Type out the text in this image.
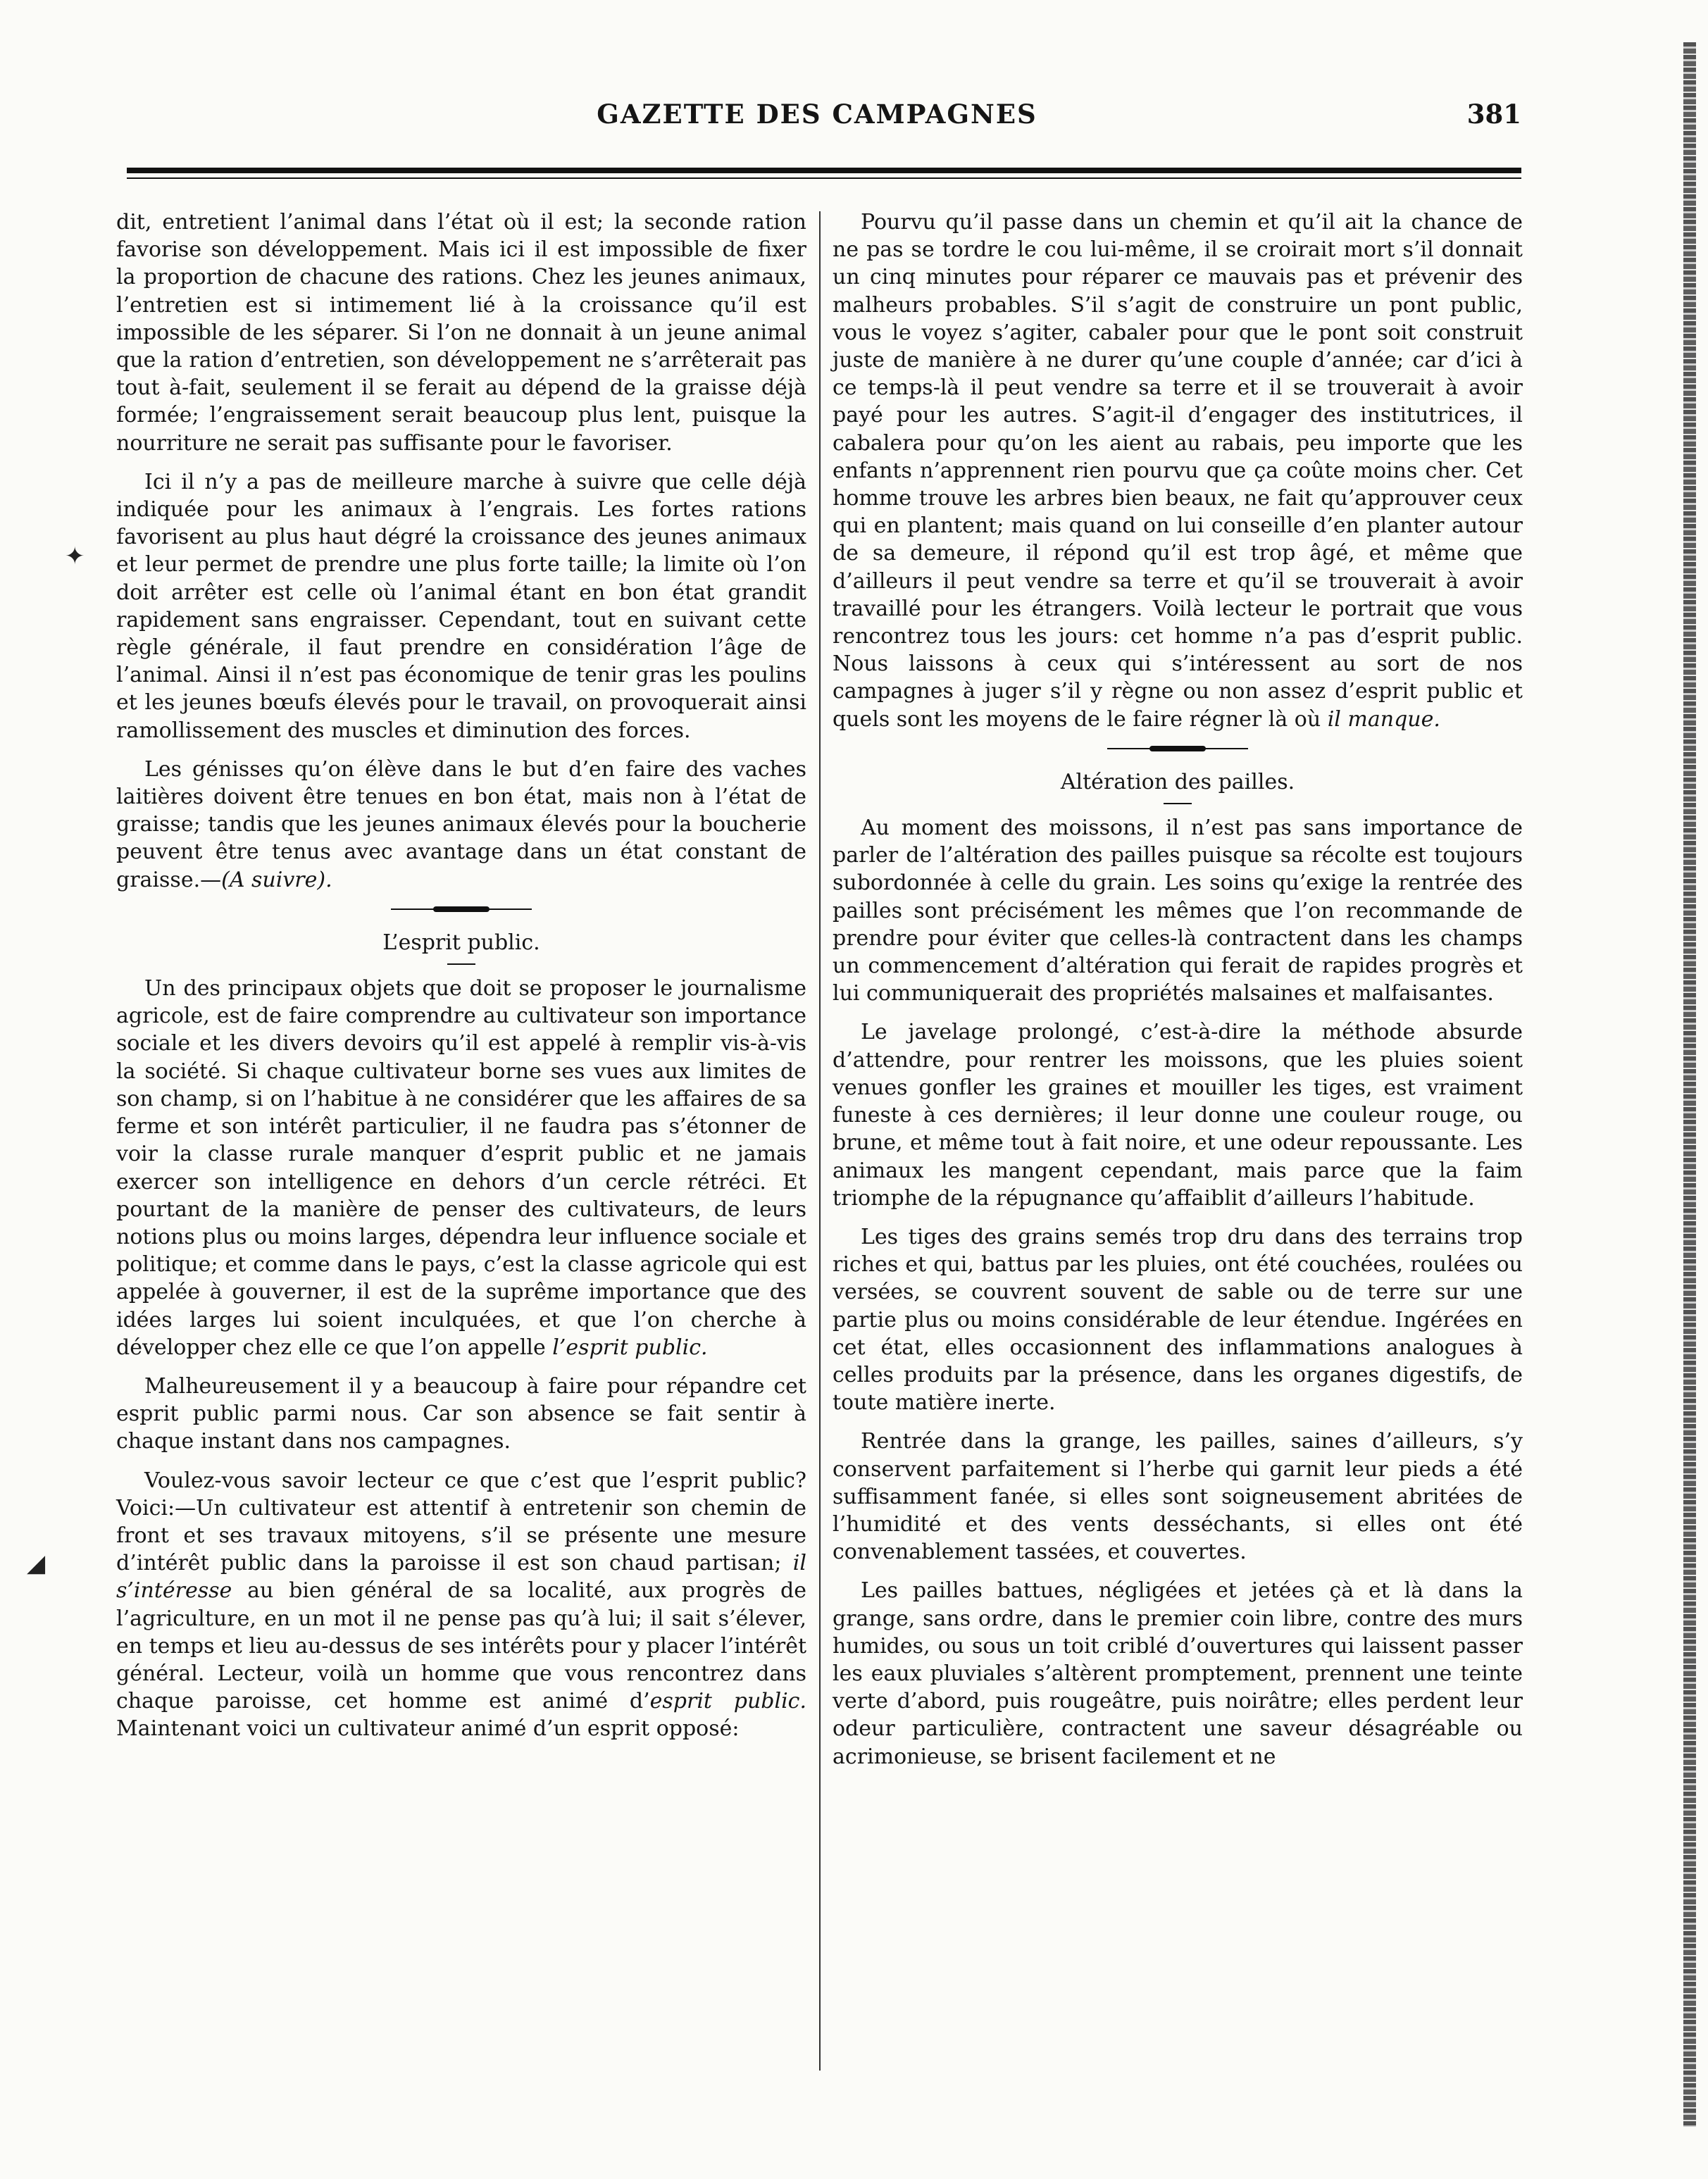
GAZETTE DES CAMPAGNES	381

dit, entretient l’animal dans l’état où il est; la seconde ration favorise son développement. Mais ici il est impossible de fixer la proportion de chacune des rations. Chez les jeunes animaux, l’entretien est si intimement lié à la croissance qu’il est impossible de les séparer. Si l’on ne donnait à un jeune animal que la ration d’entretien, son développement ne s’arrêterait pas tout à-fait, seulement il se ferait au dépend de la graisse déjà formée; l’engraissement serait beaucoup plus lent, puisque la nourriture ne serait pas suffisante pour le favoriser.

Ici il n’y a pas de meilleure marche à suivre que celle déjà indiquée pour les animaux à l’engrais. Les fortes rations favorisent au plus haut dégré la croissance des jeunes animaux et leur permet de prendre une plus forte taille; la limite où l’on doit arrêter est celle où l’animal étant en bon état grandit rapidement sans engraisser. Cependant, tout en suivant cette règle générale, il faut prendre en considération l’âge de l’animal. Ainsi il n’est pas économique de tenir gras les poulins et les jeunes bœufs élevés pour le travail, on provoquerait ainsi ramollissement des muscles et diminution des forces.

Les génisses qu’on élève dans le but d’en faire des vaches laitières doivent être tenues en bon état, mais non à l’état de graisse; tandis que les jeunes animaux élevés pour la boucherie peuvent être tenus avec avantage dans un état constant de graisse.—(A suivre).

L’esprit public.

Un des principaux objets que doit se proposer le journalisme agricole, est de faire comprendre au cultivateur son importance sociale et les divers devoirs qu’il est appelé à remplir vis-à-vis la société. Si chaque cultivateur borne ses vues aux limites de son champ, si on l’habitue à ne considérer que les affaires de sa ferme et son intérêt particulier, il ne faudra pas s’étonner de voir la classe rurale manquer d’esprit public et ne jamais exercer son intelligence en dehors d’un cercle rétréci. Et pourtant de la manière de penser des cultivateurs, de leurs notions plus ou moins larges, dépendra leur influence sociale et politique; et comme dans le pays, c’est la classe agricole qui est appelée à gouverner, il est de la suprême importance que des idées larges lui soient inculquées, et que l’on cherche à développer chez elle ce que l’on appelle l’esprit public.

Malheureusement il y a beaucoup à faire pour répandre cet esprit public parmi nous. Car son absence se fait sentir à chaque instant dans nos campagnes.

Voulez-vous savoir lecteur ce que c’est que l’esprit public? Voici:—Un cultivateur est attentif à entretenir son chemin de front et ses travaux mitoyens, s’il se présente une mesure d’intérêt public dans la paroisse il est son chaud partisan; il s’intéresse au bien général de sa localité, aux progrès de l’agriculture, en un mot il ne pense pas qu’à lui; il sait s’élever, en temps et lieu au-dessus de ses intérêts pour y placer l’intérêt général. Lecteur, voilà un homme que vous rencontrez dans chaque paroisse, cet homme est animé d’esprit public. Maintenant voici un cultivateur animé d’un esprit opposé:

Pourvu qu’il passe dans un chemin et qu’il ait la chance de ne pas se tordre le cou lui-même, il se croirait mort s’il donnait un cinq minutes pour réparer ce mauvais pas et prévenir des malheurs probables. S’il s’agit de construire un pont public, vous le voyez s’agiter, cabaler pour que le pont soit construit juste de manière à ne durer qu’une couple d’année; car d’ici à ce temps-là il peut vendre sa terre et il se trouverait à avoir payé pour les autres. S’agit-il d’engager des institutrices, il cabalera pour qu’on les aient au rabais, peu importe que les enfants n’apprennent rien pourvu que ça coûte moins cher. Cet homme trouve les arbres bien beaux, ne fait qu’approuver ceux qui en plantent; mais quand on lui conseille d’en planter autour de sa demeure, il répond qu’il est trop âgé, et même que d’ailleurs il peut vendre sa terre et qu’il se trouverait à avoir travaillé pour les étrangers. Voilà lecteur le portrait que vous rencontrez tous les jours: cet homme n’a pas d’esprit public. Nous laissons à ceux qui s’intéressent au sort de nos campagnes à juger s’il y règne ou non assez d’esprit public et quels sont les moyens de le faire régner là où il manque.

Altération des pailles.

Au moment des moissons, il n’est pas sans importance de parler de l’altération des pailles puisque sa récolte est toujours subordonnée à celle du grain. Les soins qu’exige la rentrée des pailles sont précisément les mêmes que l’on recommande de prendre pour éviter que celles-là contractent dans les champs un commencement d’altération qui ferait de rapides progrès et lui communiquerait des propriétés malsaines et malfaisantes.

Le javelage prolongé, c’est-à-dire la méthode absurde d’attendre, pour rentrer les moissons, que les pluies soient venues gonfler les graines et mouiller les tiges, est vraiment funeste à ces dernières; il leur donne une couleur rouge, ou brune, et même tout à fait noire, et une odeur repoussante. Les animaux les mangent cependant, mais parce que la faim triomphe de la répugnance qu’affaiblit d’ailleurs l’habitude.

Les tiges des grains semés trop dru dans des terrains trop riches et qui, battus par les pluies, ont été couchées, roulées ou versées, se couvrent souvent de sable ou de terre sur une partie plus ou moins considérable de leur étendue. Ingérées en cet état, elles occasionnent des inflammations analogues à celles produits par la présence, dans les organes digestifs, de toute matière inerte.

Rentrée dans la grange, les pailles, saines d’ailleurs, s’y conservent parfaitement si l’herbe qui garnit leur pieds a été suffisamment fanée, si elles sont soigneusement abritées de l’humidité et des vents desséchants, si elles ont été convenablement tassées, et couvertes.

Les pailles battues, négligées et jetées çà et là dans la grange, sans ordre, dans le premier coin libre, contre des murs humides, ou sous un toit criblé d’ouvertures qui laissent passer les eaux pluviales s’altèrent promptement, prennent une teinte verte d’abord, puis rougeâtre, puis noirâtre; elles perdent leur odeur particulière, contractent une saveur désagréable ou acrimonieuse, se brisent facilement et ne

✦
◢
